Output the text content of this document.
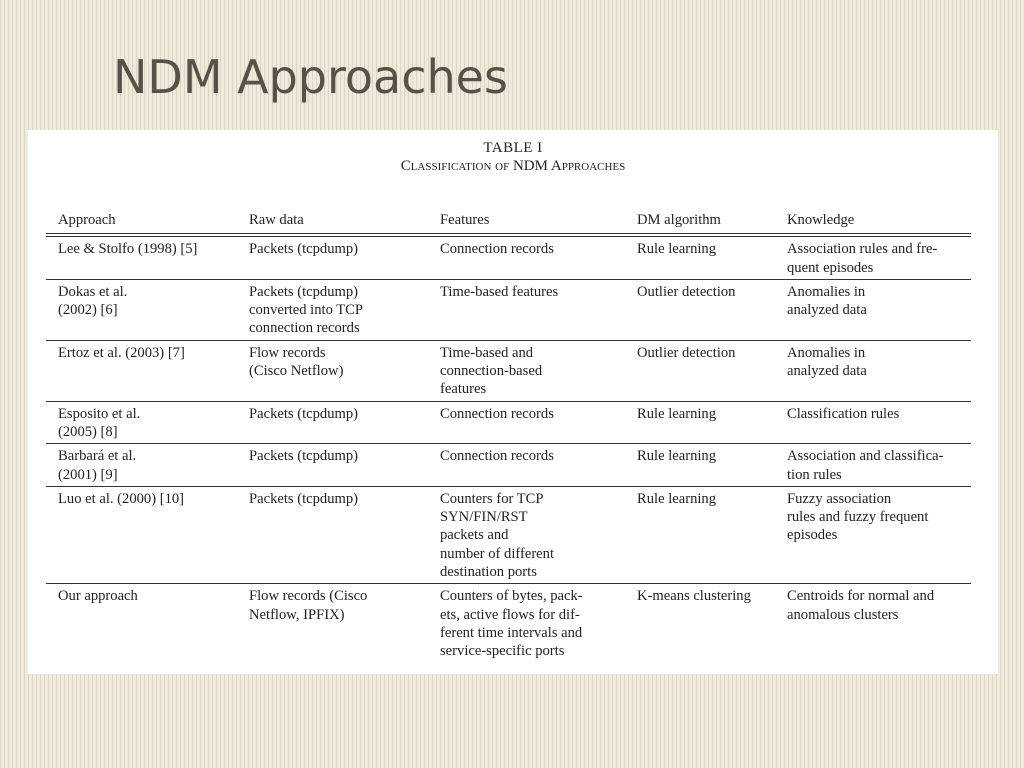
NDM Approaches
TABLE I
Classification of NDM Approaches
Approach	Raw data	Features	DM algorithm	Knowledge

Lee & Stolfo (1998) [5]	Packets (tcpdump)	Connection records	Rule learning	Association rules and fre-
quent episodes

Dokas et al.
(2002) [6]	Packets (tcpdump)
converted into TCP
connection records	Time-based features	Outlier detection	Anomalies in
analyzed data

Ertoz et al. (2003) [7]	Flow records
(Cisco Netflow)	Time-based and
connection-based
features	Outlier detection	Anomalies in
analyzed data

Esposito et al.
(2005) [8]	Packets (tcpdump)	Connection records	Rule learning	Classification rules

Barbará et al.
(2001) [9]	Packets (tcpdump)	Connection records	Rule learning	Association and classifica-
tion rules

Luo et al. (2000) [10]	Packets (tcpdump)	Counters for TCP
SYN/FIN/RST
packets and
number of different
destination ports	Rule learning	Fuzzy association
rules and fuzzy frequent
episodes

Our approach	Flow records (Cisco
Netflow, IPFIX)	Counters of bytes, pack-
ets, active flows for dif-
ferent time intervals and
service-specific ports	K-means clustering	Centroids for normal and
anomalous clusters
